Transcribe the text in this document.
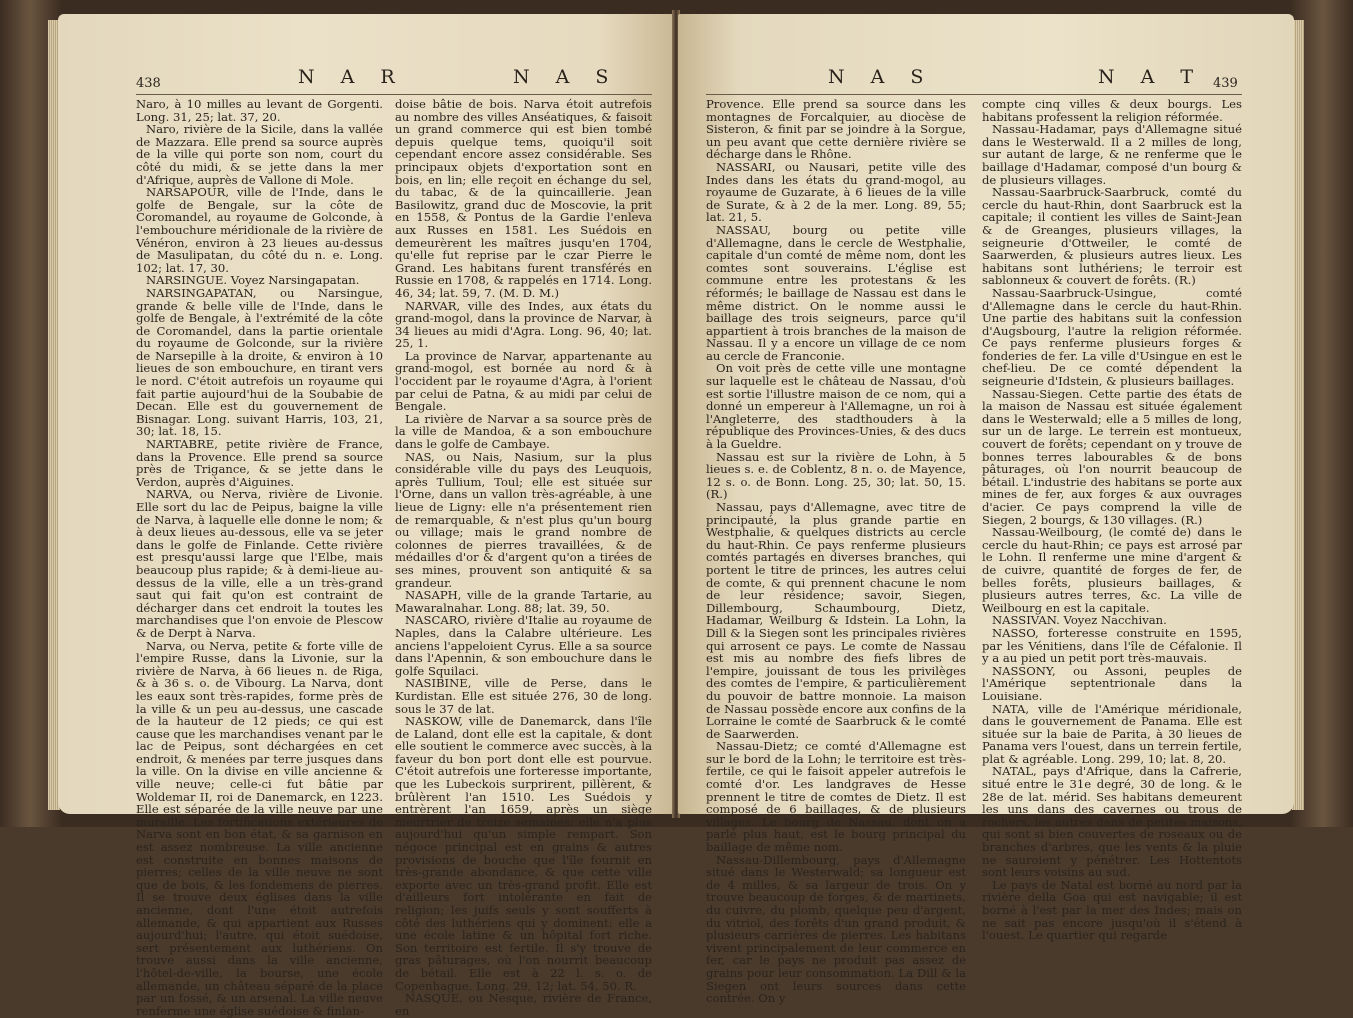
438	N A R	N A S

Naro, à 10 milles au levant de Gorgenti. Long. 31, 25; lat. 37, 20.

Naro, rivière de la Sicile, dans la vallée de Mazzara. Elle prend sa source auprès de la ville qui porte son nom, court du côté du midi, & se jette dans la mer d'Afrique, auprès de Vallone di Mole.

NARSAPOUR, ville de l'Inde, dans le golfe de Bengale, sur la côte de Coromandel, au royaume de Golconde, à l'embouchure méridionale de la rivière de Vénéron, environ à 23 lieues au-dessus de Masulipatan, du côté du n. e. Long. 102; lat. 17, 30.

NARSINGUE. Voyez Narsingapatan.

NARSINGAPATAN, ou Narsingue, grande & belle ville de l'Inde, dans le golfe de Bengale, à l'extrémité de la côte de Coromandel, dans la partie orientale du royaume de Golconde, sur la rivière de Narsepille à la droite, & environ à 10 lieues de son embouchure, en tirant vers le nord. C'étoit autrefois un royaume qui fait partie aujourd'hui de la Soubabie de Decan. Elle est du gouvernement de Bisnagar. Long. suivant Harris, 103, 21, 30; lat. 18, 15.

NARTABRE, petite rivière de France, dans la Provence. Elle prend sa source près de Trigance, & se jette dans le Verdon, auprès d'Aiguines.

NARVA, ou Nerva, rivière de Livonie. Elle sort du lac de Peipus, baigne la ville de Narva, à laquelle elle donne le nom; & à deux lieues au-dessous, elle va se jeter dans le golfe de Finlande. Cette rivière est presqu'aussi large que l'Elbe, mais beaucoup plus rapide; & à demi-lieue au-dessus de la ville, elle a un très-grand saut qui fait qu'on est contraint de décharger dans cet endroit la toutes les marchandises que l'on envoie de Plescow & de Derpt à Narva.

Narva, ou Nerva, petite & forte ville de l'empire Russe, dans la Livonie, sur la rivière de Narva, à 66 lieues n. de Riga, & à 36 s. o. de Vibourg. La Narva, dont les eaux sont très-rapides, forme près de la ville & un peu au-dessus, une cascade de la hauteur de 12 pieds; ce qui est cause que les marchandises venant par le lac de Peipus, sont déchargées en cet endroit, & menées par terre jusques dans la ville. On la divise en ville ancienne & ville neuve; celle-ci fut bâtie par Woldemar II, roi de Danemarck, en 1223. Elle est séparée de la ville neuve par une muraille. Les fortifications extérieures de Narva sont en bon état, & sa garnison en est assez nombreuse. La ville ancienne est construite en bonnes maisons de pierres; celles de la ville neuve ne sont que de bois, & les fondemens de pierres. Il se trouve deux églises dans la ville ancienne, dont l'une étoit autrefois allemande, & qui appartient aux Russes aujourd'hui; l'autre, qui étoit suédoise, sert présentement aux luthériens. On trouve aussi dans la ville ancienne, l'hôtel-de-ville, la bourse, une école allemande, un château séparé de la place par un fossé, & un arsenal. La ville neuve renferme une église suédoise & finlan-

doise bâtie de bois. Narva étoit autrefois au nombre des villes Anséatiques, & faisoit un grand commerce qui est bien tombé depuis quelque tems, quoiqu'il soit cependant encore assez considérable. Ses principaux objets d'exportation sont en bois, en lin; elle reçoit en échange du sel, du tabac, & de la quincaillerie. Jean Basilowitz, grand duc de Moscovie, la prit en 1558, & Pontus de la Gardie l'enleva aux Russes en 1581. Les Suédois en demeurèrent les maîtres jusqu'en 1704, qu'elle fut reprise par le czar Pierre le Grand. Les habitans furent transférés en Russie en 1708, & rappelés en 1714. Long. 46, 34; lat. 59, 7. (M. D. M.)

NARVAR, ville des Indes, aux états du grand-mogol, dans la province de Narvar, à 34 lieues au midi d'Agra. Long. 96, 40; lat. 25, 1.

La province de Narvar, appartenante au grand-mogol, est bornée au nord & à l'occident par le royaume d'Agra, à l'orient par celui de Patna, & au midi par celui de Bengale.

La rivière de Narvar a sa source près de la ville de Mandoa, & a son embouchure dans le golfe de Cambaye.

NAS, ou Nais, Nasium, sur la plus considérable ville du pays des Leuquois, après Tullium, Toul; elle est située sur l'Orne, dans un vallon très-agréable, à une lieue de Ligny: elle n'a présentement rien de remarquable, & n'est plus qu'un bourg ou village; mais le grand nombre de colonnes de pierres travaillées, & de médailles d'or & d'argent qu'on a tirées de ses mines, prouvent son antiquité & sa grandeur.

NASAPH, ville de la grande Tartarie, au Mawaralnahar. Long. 88; lat. 39, 50.

NASCARO, rivière d'Italie au royaume de Naples, dans la Calabre ultérieure. Les anciens l'appeloient Cyrus. Elle a sa source dans l'Apennin, & son embouchure dans le golfe Squilaci.

NASIBINE, ville de Perse, dans le Kurdistan. Elle est située 276, 30 de long. sous le 37 de lat.

NASKOW, ville de Danemarck, dans l'île de Laland, dont elle est la capitale, & dont elle soutient le commerce avec succès, à la faveur du bon port dont elle est pourvue. C'étoit autrefois une forteresse importante, que les Lubeckois surprirent, pillèrent, & brûlèrent l'an 1510. Les Suédois y entrèrent l'an 1659, après un siège meurtrier de treize semaines: elle n'a plus aujourd'hui qu'un simple rempart. Son négoce principal est en grains & autres provisions de bouche que l'île fournit en très-grande abondance, & que cette ville exporte avec un très-grand profit. Elle est d'ailleurs fort intolérante en fait de religion; les juifs seuls y sont soufferts à côté des luthériens qui y dominent: elle a une école latine & un hôpital fort riche. Son territoire est fertile. Il s'y trouve de gras pâturages, où l'on nourrit beaucoup de bétail. Elle est à 22 l. s. o. de Copenhague. Long. 29, 12; lat. 54, 50. R.

NASQUE, ou Nesque, rivière de France, en

N A S	N A T 439

Provence. Elle prend sa source dans les montagnes de Forcalquier, au diocèse de Sisteron, & finit par se joindre à la Sorgue, un peu avant que cette dernière rivière se décharge dans le Rhône.

NASSARI, ou Nausari, petite ville des Indes dans les états du grand-mogol, au royaume de Guzarate, à 6 lieues de la ville de Surate, & à 2 de la mer. Long. 89, 55; lat. 21, 5.

NASSAU, bourg ou petite ville d'Allemagne, dans le cercle de Westphalie, capitale d'un comté de même nom, dont les comtes sont souverains. L'église est commune entre les protestans & les réformés; le baillage de Nassau est dans le même district. On le nomme aussi le baillage des trois seigneurs, parce qu'il appartient à trois branches de la maison de Nassau. Il y a encore un village de ce nom au cercle de Franconie.

On voit près de cette ville une montagne sur laquelle est le château de Nassau, d'où est sortie l'illustre maison de ce nom, qui a donné un empereur à l'Allemagne, un roi à l'Angleterre, des stadthouders à la république des Provinces-Unies, & des ducs à la Gueldre.

Nassau est sur la rivière de Lohn, à 5 lieues s. e. de Coblentz, 8 n. o. de Mayence, 12 s. o. de Bonn. Long. 25, 30; lat. 50, 15. (R.)

Nassau, pays d'Allemagne, avec titre de principauté, la plus grande partie en Westphalie, & quelques districts au cercle du haut-Rhin. Ce pays renferme plusieurs comtés partagés en diverses branches, qui portent le titre de princes, les autres celui de comte, & qui prennent chacune le nom de leur résidence; savoir, Siegen, Dillembourg, Schaumbourg, Dietz, Hadamar, Weilburg & Idstein. La Lohn, la Dill & la Siegen sont les principales rivières qui arrosent ce pays. Le comte de Nassau est mis au nombre des fiefs libres de l'empire, jouissant de tous les privilèges des comtes de l'empire, & particulièrement du pouvoir de battre monnoie. La maison de Nassau possède encore aux confins de la Lorraine le comté de Saarbruck & le comté de Saarwerden.

Nassau-Dietz; ce comté d'Allemagne est sur le bord de la Lohn; le territoire est très-fertile, ce qui le faisoit appeler autrefois le comté d'or. Les landgraves de Hesse prennent le titre de comtes de Dietz. Il est composé de 6 baillages, & de plusieurs villages. Le bourg de Nassau, dont on a parlé plus haut, est le bourg principal du baillage de même nom.

Nassau-Dillembourg, pays d'Allemagne situé dans le Westerwald; sa longueur est de 4 milles, & sa largeur de trois. On y trouve beaucoup de forges, & de martinets, du cuivre, du plomb, quelque peu d'argent, du vitriol, des forêts d'un grand produit, & plusieurs carrières de pierres. Les habitans vivent principalement de leur commerce en fer, car le pays ne produit pas assez de grains pour leur consommation. La Dill & la Siegen ont leurs sources dans cette contrée. On y

compte cinq villes & deux bourgs. Les habitans professent la religion réformée.

Nassau-Hadamar, pays d'Allemagne situé dans le Westerwald. Il a 2 milles de long, sur autant de large, & ne renferme que le baillage d'Hadamar, composé d'un bourg & de plusieurs villages.

Nassau-Saarbruck-Saarbruck, comté du cercle du haut-Rhin, dont Saarbruck est la capitale; il contient les villes de Saint-Jean & de Greanges, plusieurs villages, la seigneurie d'Ottweiler, le comté de Saarwerden, & plusieurs autres lieux. Les habitans sont luthériens; le terroir est sablonneux & couvert de forêts. (R.)

Nassau-Saarbruck-Usingue, comté d'Allemagne dans le cercle du haut-Rhin. Une partie des habitans suit la confession d'Augsbourg, l'autre la religion réformée. Ce pays renferme plusieurs forges & fonderies de fer. La ville d'Usingue en est le chef-lieu. De ce comté dépendent la seigneurie d'Idstein, & plusieurs baillages.

Nassau-Siegen. Cette partie des états de la maison de Nassau est située également dans le Westerwald; elle a 5 milles de long, sur un de large. Le terrein est montueux, couvert de forêts; cependant on y trouve de bonnes terres labourables & de bons pâturages, où l'on nourrit beaucoup de bétail. L'industrie des habitans se porte aux mines de fer, aux forges & aux ouvrages d'acier. Ce pays comprend la ville de Siegen, 2 bourgs, & 130 villages. (R.)

Nassau-Weilbourg, (le comté de) dans le cercle du haut-Rhin; ce pays est arrosé par le Lohn. Il renferme une mine d'argent & de cuivre, quantité de forges de fer, de belles forêts, plusieurs baillages, & plusieurs autres terres, &c. La ville de Weilbourg en est la capitale.

NASSIVAN. Voyez Nacchivan.

NASSO, forteresse construite en 1595, par les Vénitiens, dans l'île de Céfalonie. Il y a au pied un petit port très-mauvais.

NASSONY, ou Assoni, peuples de l'Amérique septentrionale dans la Louisiane.

NATA, ville de l'Amérique méridionale, dans le gouvernement de Panama. Elle est située sur la baie de Parita, à 30 lieues de Panama vers l'ouest, dans un terrein fertile, plat & agréable. Long. 299, 10; lat. 8, 20.

NATAL, pays d'Afrique, dans la Cafrerie, situé entre le 31e degré, 30 de long. & le 28e de lat. mérid. Ses habitans demeurent les uns dans des cavernes ou trous de rochers, les autres dans de petites maisons, qui sont si bien couvertes de roseaux ou de branches d'arbres, que les vents & la pluie ne sauroient y pénétrer. Les Hottentots sont leurs voisins au sud.

Le pays de Natal est borné au nord par la rivière della Goa qui est navigable; il est borné à l'est par la mer des Indes; mais on ne sait pas encore jusqu'où il s'étend à l'ouest. Le quartier qui regarde
